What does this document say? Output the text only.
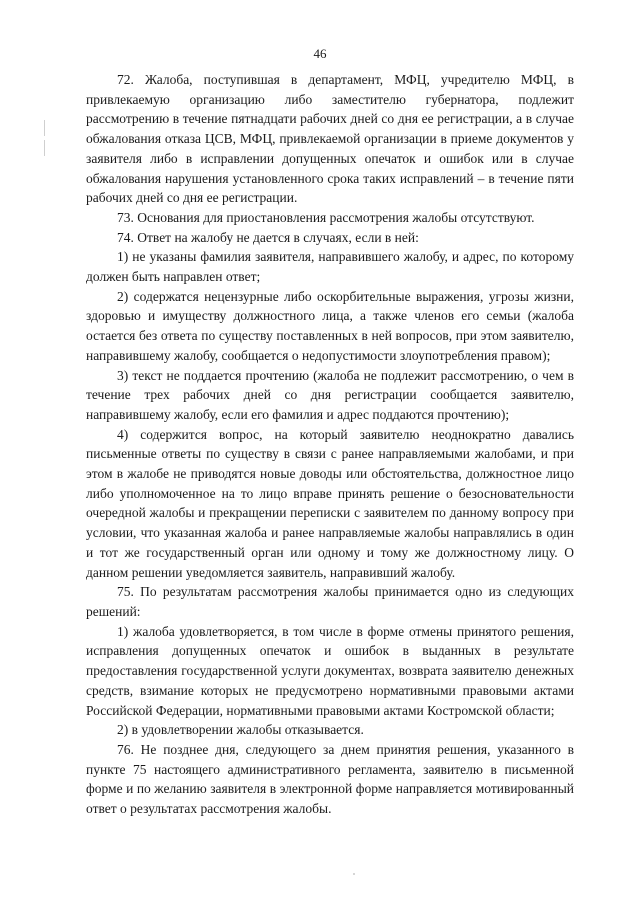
46

72. Жалоба, поступившая в департамент, МФЦ, учредителю МФЦ, в привлекаемую организацию либо заместителю губернатора, подлежит рассмотрению в течение пятнадцати рабочих дней со дня ее регистрации, а в случае обжалования отказа ЦСВ, МФЦ, привлекаемой организации в приеме документов у заявителя либо в исправлении допущенных опечаток и ошибок или в случае обжалования нарушения установленного срока таких исправлений – в течение пяти рабочих дней со дня ее регистрации.

73. Основания для приостановления рассмотрения жалобы отсутствуют.

74. Ответ на жалобу не дается в случаях, если в ней:

1) не указаны фамилия заявителя, направившего жалобу, и адрес, по которому должен быть направлен ответ;

2) содержатся нецензурные либо оскорбительные выражения, угрозы жизни, здоровью и имуществу должностного лица, а также членов его семьи (жалоба остается без ответа по существу поставленных в ней вопросов, при этом заявителю, направившему жалобу, сообщается о недопустимости злоупотребления правом);

3) текст не поддается прочтению (жалоба не подлежит рассмотрению, о чем в течение трех рабочих дней со дня регистрации сообщается заявителю, направившему жалобу, если его фамилия и адрес поддаются прочтению);

4) содержится вопрос, на который заявителю неоднократно давались письменные ответы по существу в связи с ранее направляемыми жалобами, и при этом в жалобе не приводятся новые доводы или обстоятельства, должностное лицо либо уполномоченное на то лицо вправе принять решение о безосновательности очередной жалобы и прекращении переписки с заявителем по данному вопросу при условии, что указанная жалоба и ранее направляемые жалобы направлялись в один и тот же государственный орган или одному и тому же должностному лицу. О данном решении уведомляется заявитель, направивший жалобу.

75. По результатам рассмотрения жалобы принимается одно из следующих решений:

1) жалоба удовлетворяется, в том числе в форме отмены принятого решения, исправления допущенных опечаток и ошибок в выданных в результате предоставления государственной услуги документах, возврата заявителю денежных средств, взимание которых не предусмотрено нормативными правовыми актами Российской Федерации, нормативными правовыми актами Костромской области;

2) в удовлетворении жалобы отказывается.

76. Не позднее дня, следующего за днем принятия решения, указанного в пункте 75 настоящего административного регламента, заявителю в письменной форме и по желанию заявителя в электронной форме направляется мотивированный ответ о результатах рассмотрения жалобы.
